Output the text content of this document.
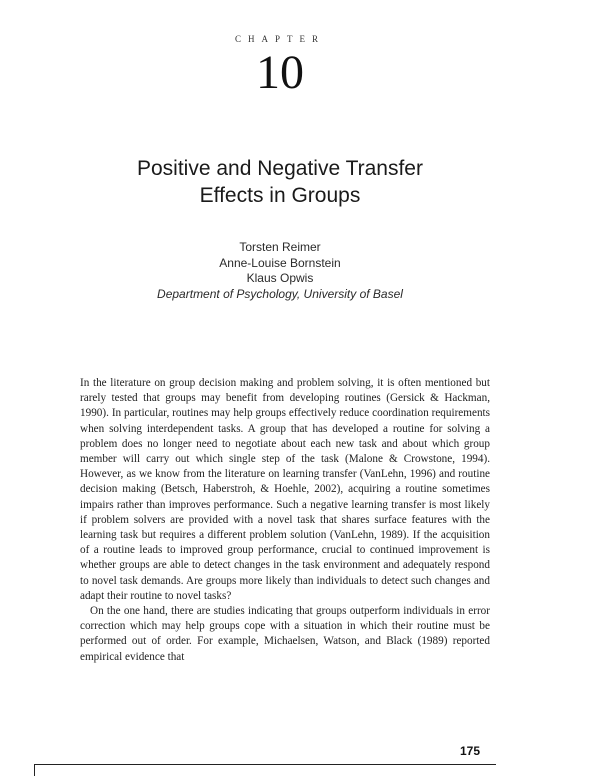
CHAPTER
10
Positive and Negative Transfer
Effects in Groups
Torsten Reimer
Anne-Louise Bornstein
Klaus Opwis
Department of Psychology, University of Basel

In the literature on group decision making and problem solving, it is often mentioned but rarely tested that groups may benefit from developing routines (Gersick & Hackman, 1990). In particular, routines may help groups effectively reduce coordination requirements when solving interdependent tasks. A group that has developed a routine for solving a problem does no longer need to negotiate about each new task and about which group member will carry out which single step of the task (Malone & Crowstone, 1994). However, as we know from the literature on learning transfer (VanLehn, 1996) and routine decision making (Betsch, Haberstroh, & Hoehle, 2002), acquiring a routine sometimes impairs rather than improves performance. Such a negative learning transfer is most likely if problem solvers are provided with a novel task that shares surface features with the learning task but requires a different problem solution (VanLehn, 1989). If the acquisition of a routine leads to improved group performance, crucial to continued improvement is whether groups are able to detect changes in the task environment and adequately respond to novel task demands. Are groups more likely than individuals to detect such changes and adapt their routine to novel tasks?

On the one hand, there are studies indicating that groups outperform individuals in error correction which may help groups cope with a situation in which their routine must be performed out of order. For example, Michaelsen, Watson, and Black (1989) reported empirical evidence that

175
